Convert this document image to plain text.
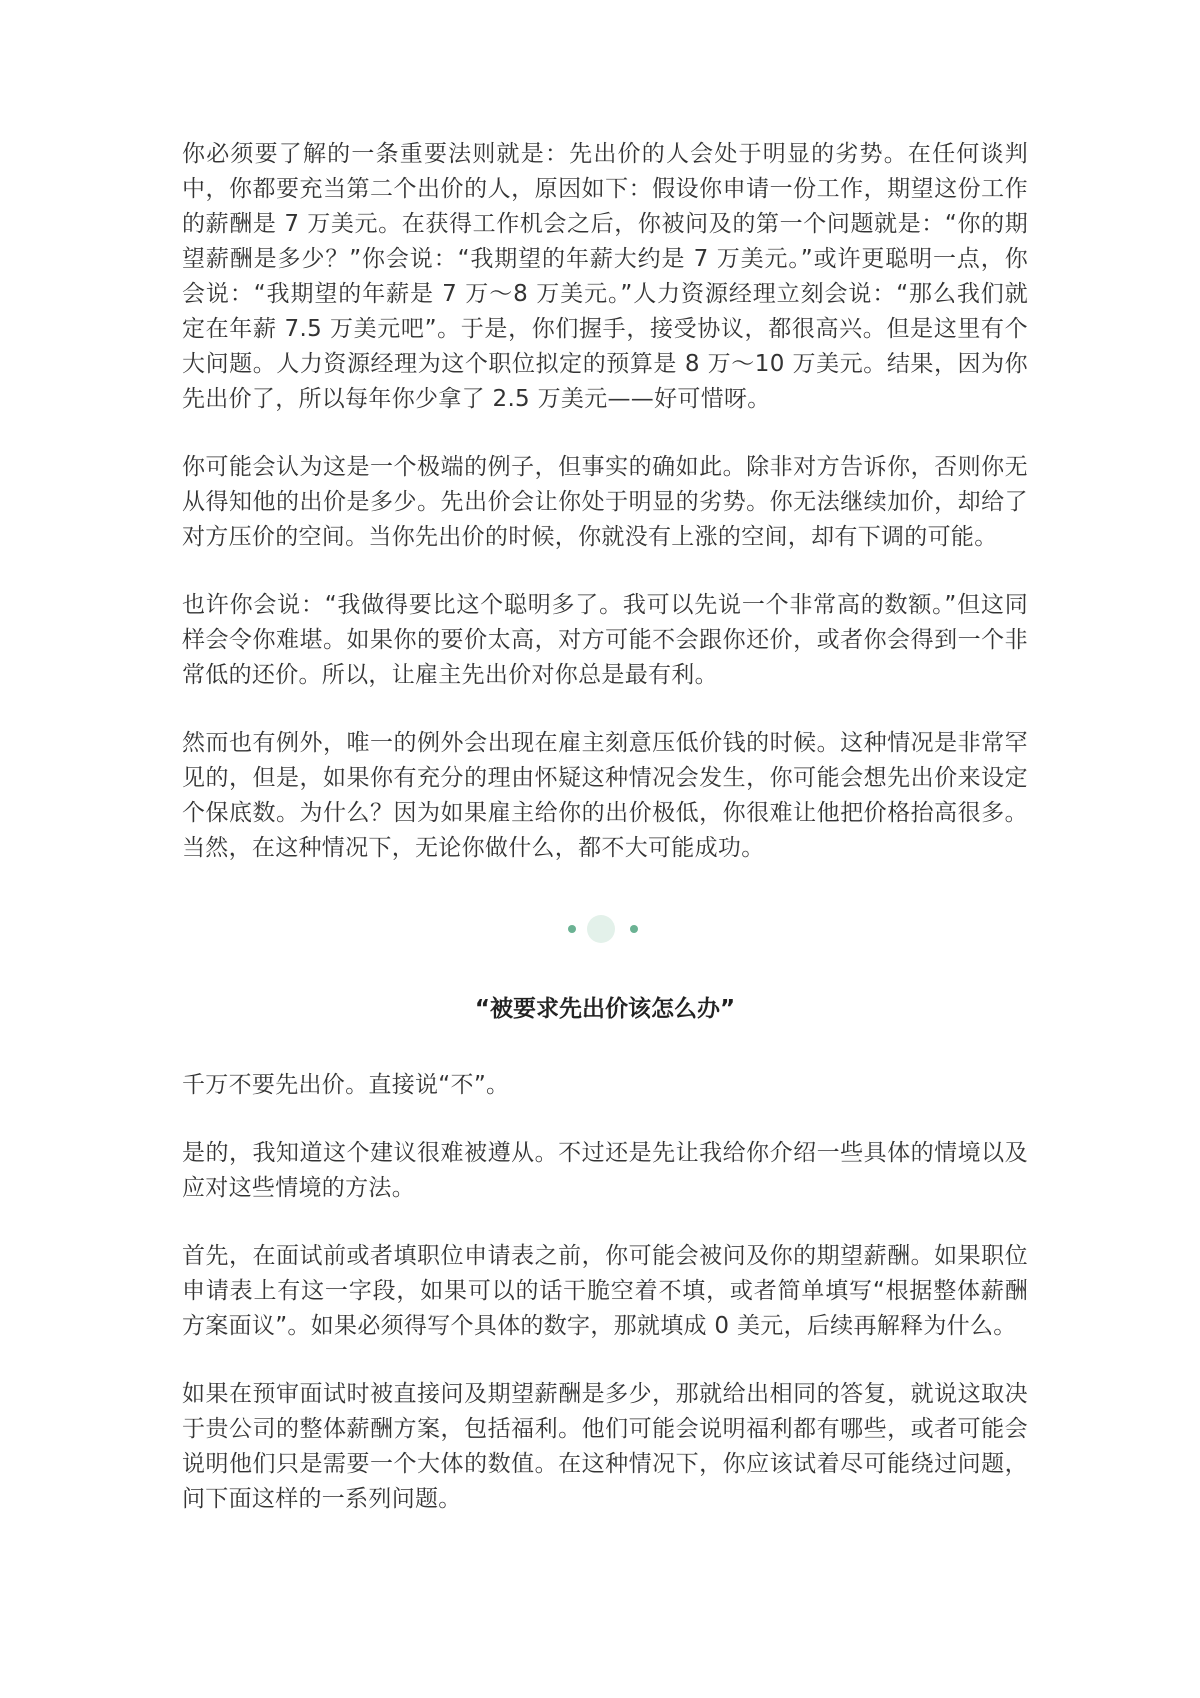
你必须要了解的一条重要法则就是：先出价的人会处于明显的劣势。在任何谈判中，你都要充当第二个出价的人，原因如下：假设你申请一份工作，期望这份工作的薪酬是 7 万美元。在获得工作机会之后，你被问及的第一个问题就是：“你的期望薪酬是多少？”你会说：“我期望的年薪大约是 7 万美元。”或许更聪明一点，你会说：“我期望的年薪是 7 万～8 万美元。”人力资源经理立刻会说：“那么我们就定在年薪 7.5 万美元吧”。于是，你们握手，接受协议，都很高兴。但是这里有个大问题。人力资源经理为这个职位拟定的预算是 8 万～10 万美元。结果，因为你先出价了，所以每年你少拿了 2.5 万美元——好可惜呀。

你可能会认为这是一个极端的例子，但事实的确如此。除非对方告诉你，否则你无从得知他的出价是多少。先出价会让你处于明显的劣势。你无法继续加价，却给了对方压价的空间。当你先出价的时候，你就没有上涨的空间，却有下调的可能。

也许你会说：“我做得要比这个聪明多了。我可以先说一个非常高的数额。”但这同样会令你难堪。如果你的要价太高，对方可能不会跟你还价，或者你会得到一个非常低的还价。所以，让雇主先出价对你总是最有利。

然而也有例外，唯一的例外会出现在雇主刻意压低价钱的时候。这种情况是非常罕见的，但是，如果你有充分的理由怀疑这种情况会发生，你可能会想先出价来设定个保底数。为什么？因为如果雇主给你的出价极低，你很难让他把价格抬高很多。当然，在这种情况下，无论你做什么，都不大可能成功。

“被要求先出价该怎么办”

千万不要先出价。直接说“不”。

是的，我知道这个建议很难被遵从。不过还是先让我给你介绍一些具体的情境以及应对这些情境的方法。

首先，在面试前或者填职位申请表之前，你可能会被问及你的期望薪酬。如果职位申请表上有这一字段，如果可以的话干脆空着不填，或者简单填写“根据整体薪酬方案面议”。如果必须得写个具体的数字，那就填成 0 美元，后续再解释为什么。

如果在预审面试时被直接问及期望薪酬是多少，那就给出相同的答复，就说这取决于贵公司的整体薪酬方案，包括福利。他们可能会说明福利都有哪些，或者可能会说明他们只是需要一个大体的数值。在这种情况下，你应该试着尽可能绕过问题，问下面这样的一系列问题。
